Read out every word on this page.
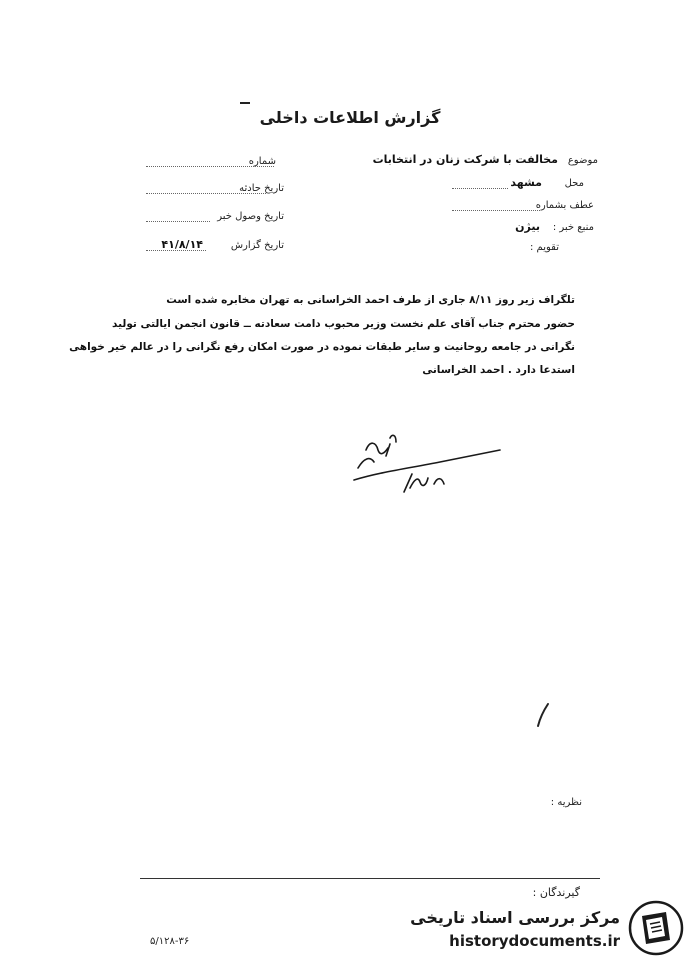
گزارش اطلاعات داخلی
شماره
تاریخ حادثه
تاریخ وصول خبر
تاریخ گزارش
۴۱/۸/۱۴
موضوع
مخالفت با شرکت زنان در انتخابات
محل
مشهد
عطف بشماره
منبع خبر :
بیژن
تقویم :
تلگراف زیر روز ۸/۱۱ جاری از طرف احمد الخراسانی به تهران مخابره شده است
حضور محترم جناب آقای علم نخست وزیر محبوب دامت سعادته ــ قانون انجمن ایالتی تولید
نگرانی در جامعه روحانیت و سایر طبقات نموده در صورت امکان رفع نگرانی را در عالم خیر خواهی
استدعا دارد . احمد الخراسانی
نظریه :
گیرندگان :
۵/۱۲۸-۳۶
مرکز بررسی اسناد تاریخی
historydocuments.ir
